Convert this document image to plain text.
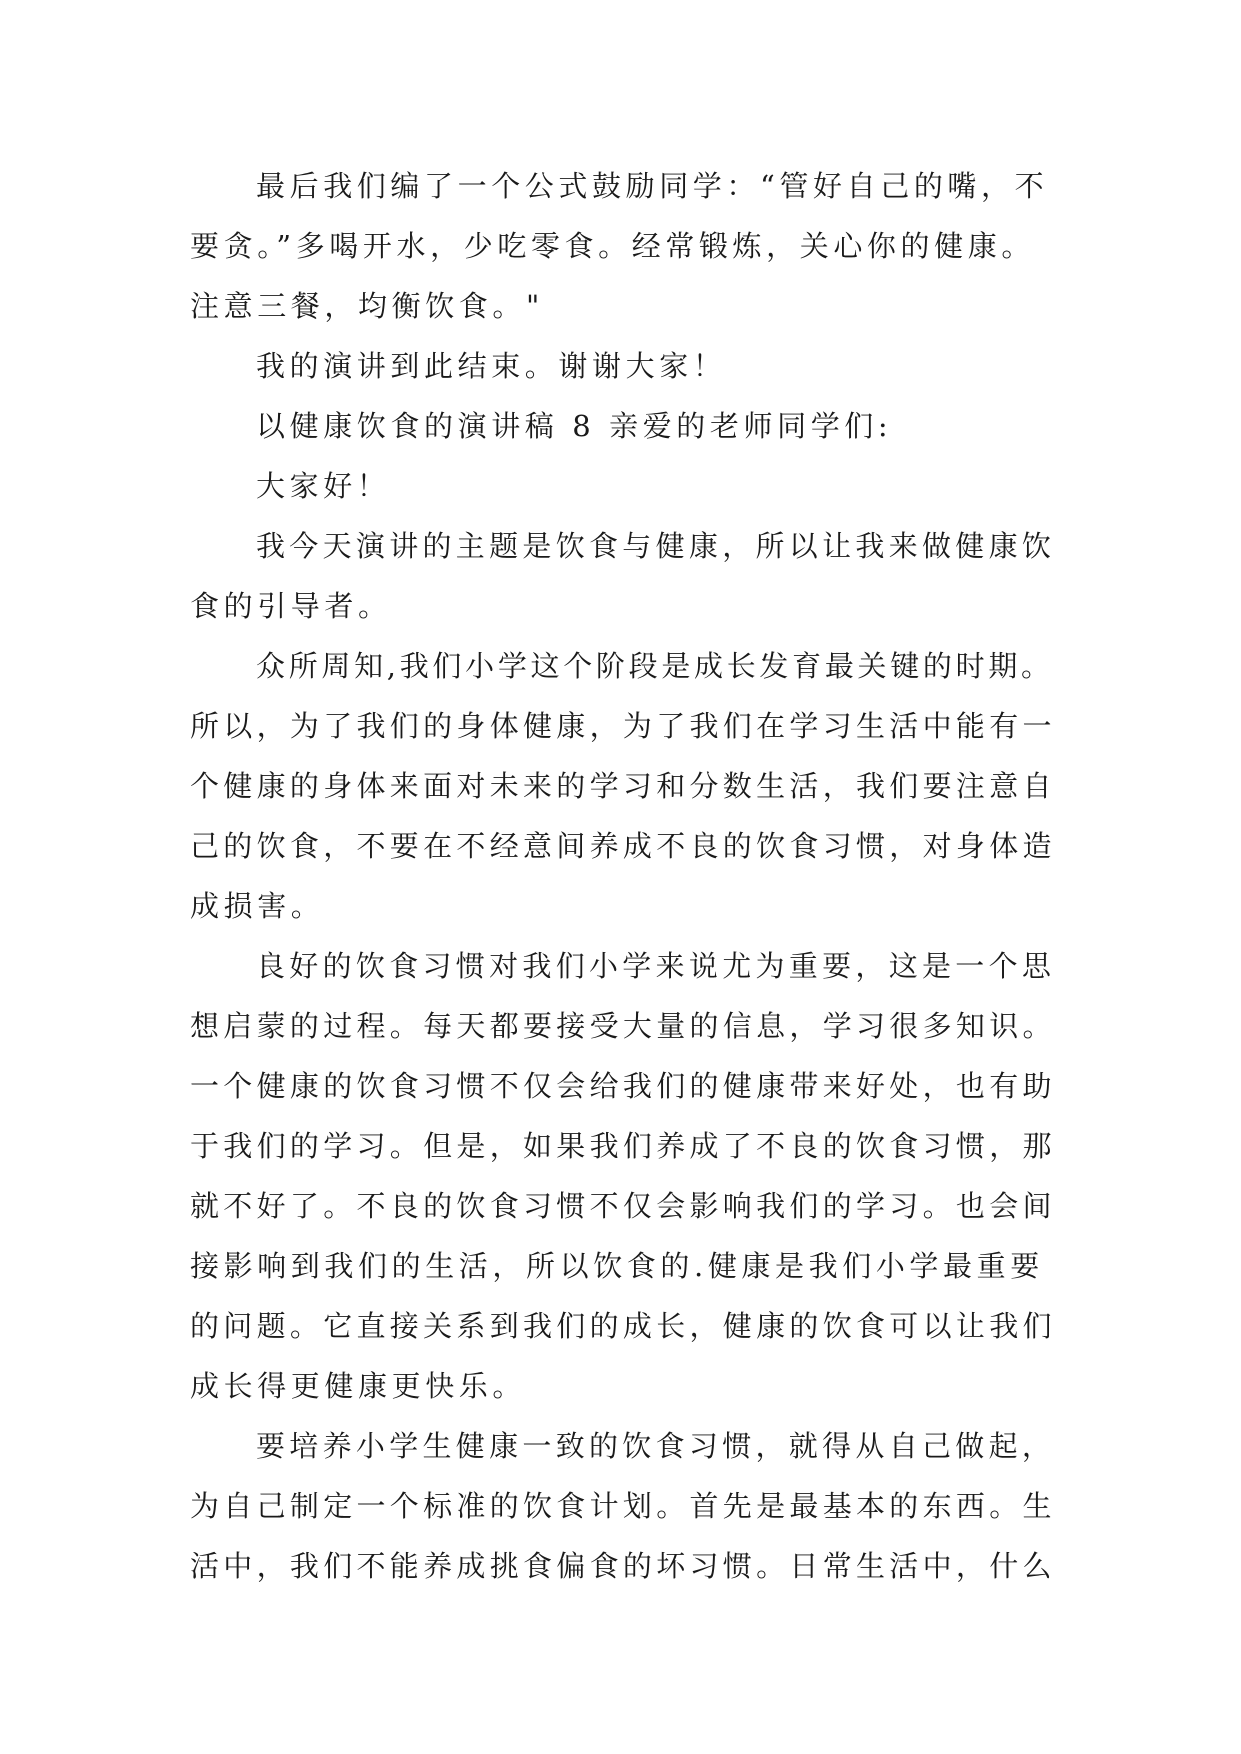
最后我们编了一个公式鼓励同学：“管好自己的嘴，不
要贪。”多喝开水，少吃零食。经常锻炼，关心你的健康。
注意三餐，均衡饮食。"
我的演讲到此结束。谢谢大家！
以健康饮食的演讲稿 8 亲爱的老师同学们:
大家好！
我今天演讲的主题是饮食与健康，所以让我来做健康饮
食的引导者。
众所周知,我们小学这个阶段是成长发育最关键的时期。
所以，为了我们的身体健康，为了我们在学习生活中能有一
个健康的身体来面对未来的学习和分数生活，我们要注意自
己的饮食，不要在不经意间养成不良的饮食习惯，对身体造
成损害。
良好的饮食习惯对我们小学来说尤为重要，这是一个思
想启蒙的过程。每天都要接受大量的信息，学习很多知识。
一个健康的饮食习惯不仅会给我们的健康带来好处，也有助
于我们的学习。但是，如果我们养成了不良的饮食习惯，那
就不好了。不良的饮食习惯不仅会影响我们的学习。也会间
接影响到我们的生活，所以饮食的.健康是我们小学最重要
的问题。它直接关系到我们的成长，健康的饮食可以让我们
成长得更健康更快乐。
要培养小学生健康一致的饮食习惯，就得从自己做起，
为自己制定一个标准的饮食计划。首先是最基本的东西。生
活中，我们不能养成挑食偏食的坏习惯。日常生活中，什么
